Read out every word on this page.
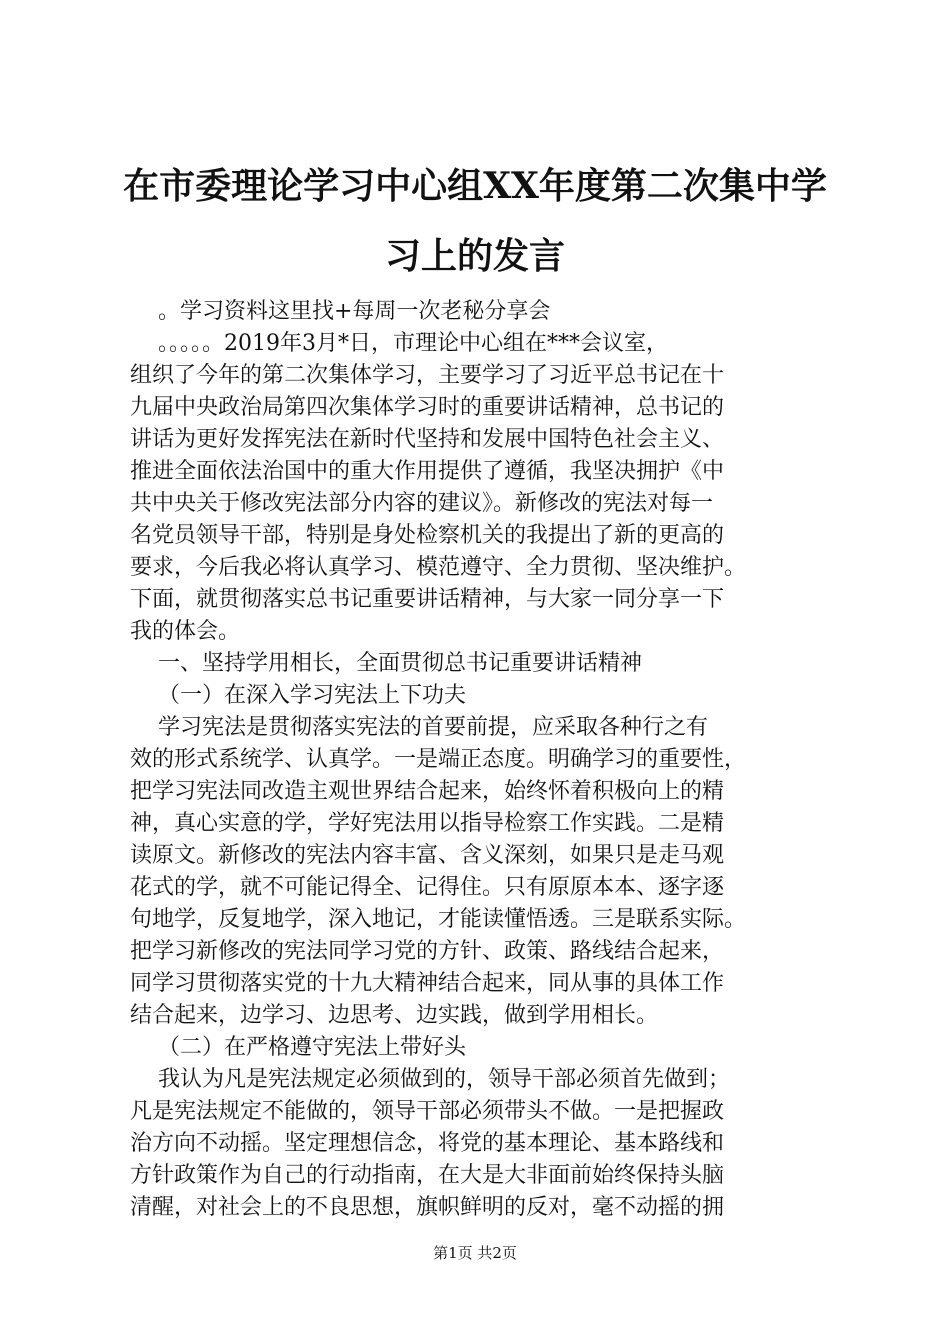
在市委理论学习中心组XX年度第二次集中学
习上的发言

。学习资料这里找+每周一次老秘分享会

。。。。。2019年3月*日，市理论中心组在***会议室，

组织了今年的第二次集体学习，主要学习了习近平总书记在十

九届中央政治局第四次集体学习时的重要讲话精神，总书记的

讲话为更好发挥宪法在新时代坚持和发展中国特色社会主义、

推进全面依法治国中的重大作用提供了遵循，我坚决拥护《中

共中央关于修改宪法部分内容的建议》。新修改的宪法对每一

名党员领导干部，特别是身处检察机关的我提出了新的更高的

要求，今后我必将认真学习、模范遵守、全力贯彻、坚决维护。

下面，就贯彻落实总书记重要讲话精神，与大家一同分享一下

我的体会。

一、坚持学用相长，全面贯彻总书记重要讲话精神

（一）在深入学习宪法上下功夫

学习宪法是贯彻落实宪法的首要前提，应采取各种行之有

效的形式系统学、认真学。一是端正态度。明确学习的重要性，

把学习宪法同改造主观世界结合起来，始终怀着积极向上的精

神，真心实意的学，学好宪法用以指导检察工作实践。二是精

读原文。新修改的宪法内容丰富、含义深刻，如果只是走马观

花式的学，就不可能记得全、记得住。只有原原本本、逐字逐

句地学，反复地学，深入地记，才能读懂悟透。三是联系实际。

把学习新修改的宪法同学习党的方针、政策、路线结合起来，

同学习贯彻落实党的十九大精神结合起来，同从事的具体工作

结合起来，边学习、边思考、边实践，做到学用相长。

（二）在严格遵守宪法上带好头

我认为凡是宪法规定必须做到的，领导干部必须首先做到；

凡是宪法规定不能做的，领导干部必须带头不做。一是把握政

治方向不动摇。坚定理想信念，将党的基本理论、基本路线和

方针政策作为自己的行动指南，在大是大非面前始终保持头脑

清醒，对社会上的不良思想，旗帜鲜明的反对，毫不动摇的拥

第1页 共2页
